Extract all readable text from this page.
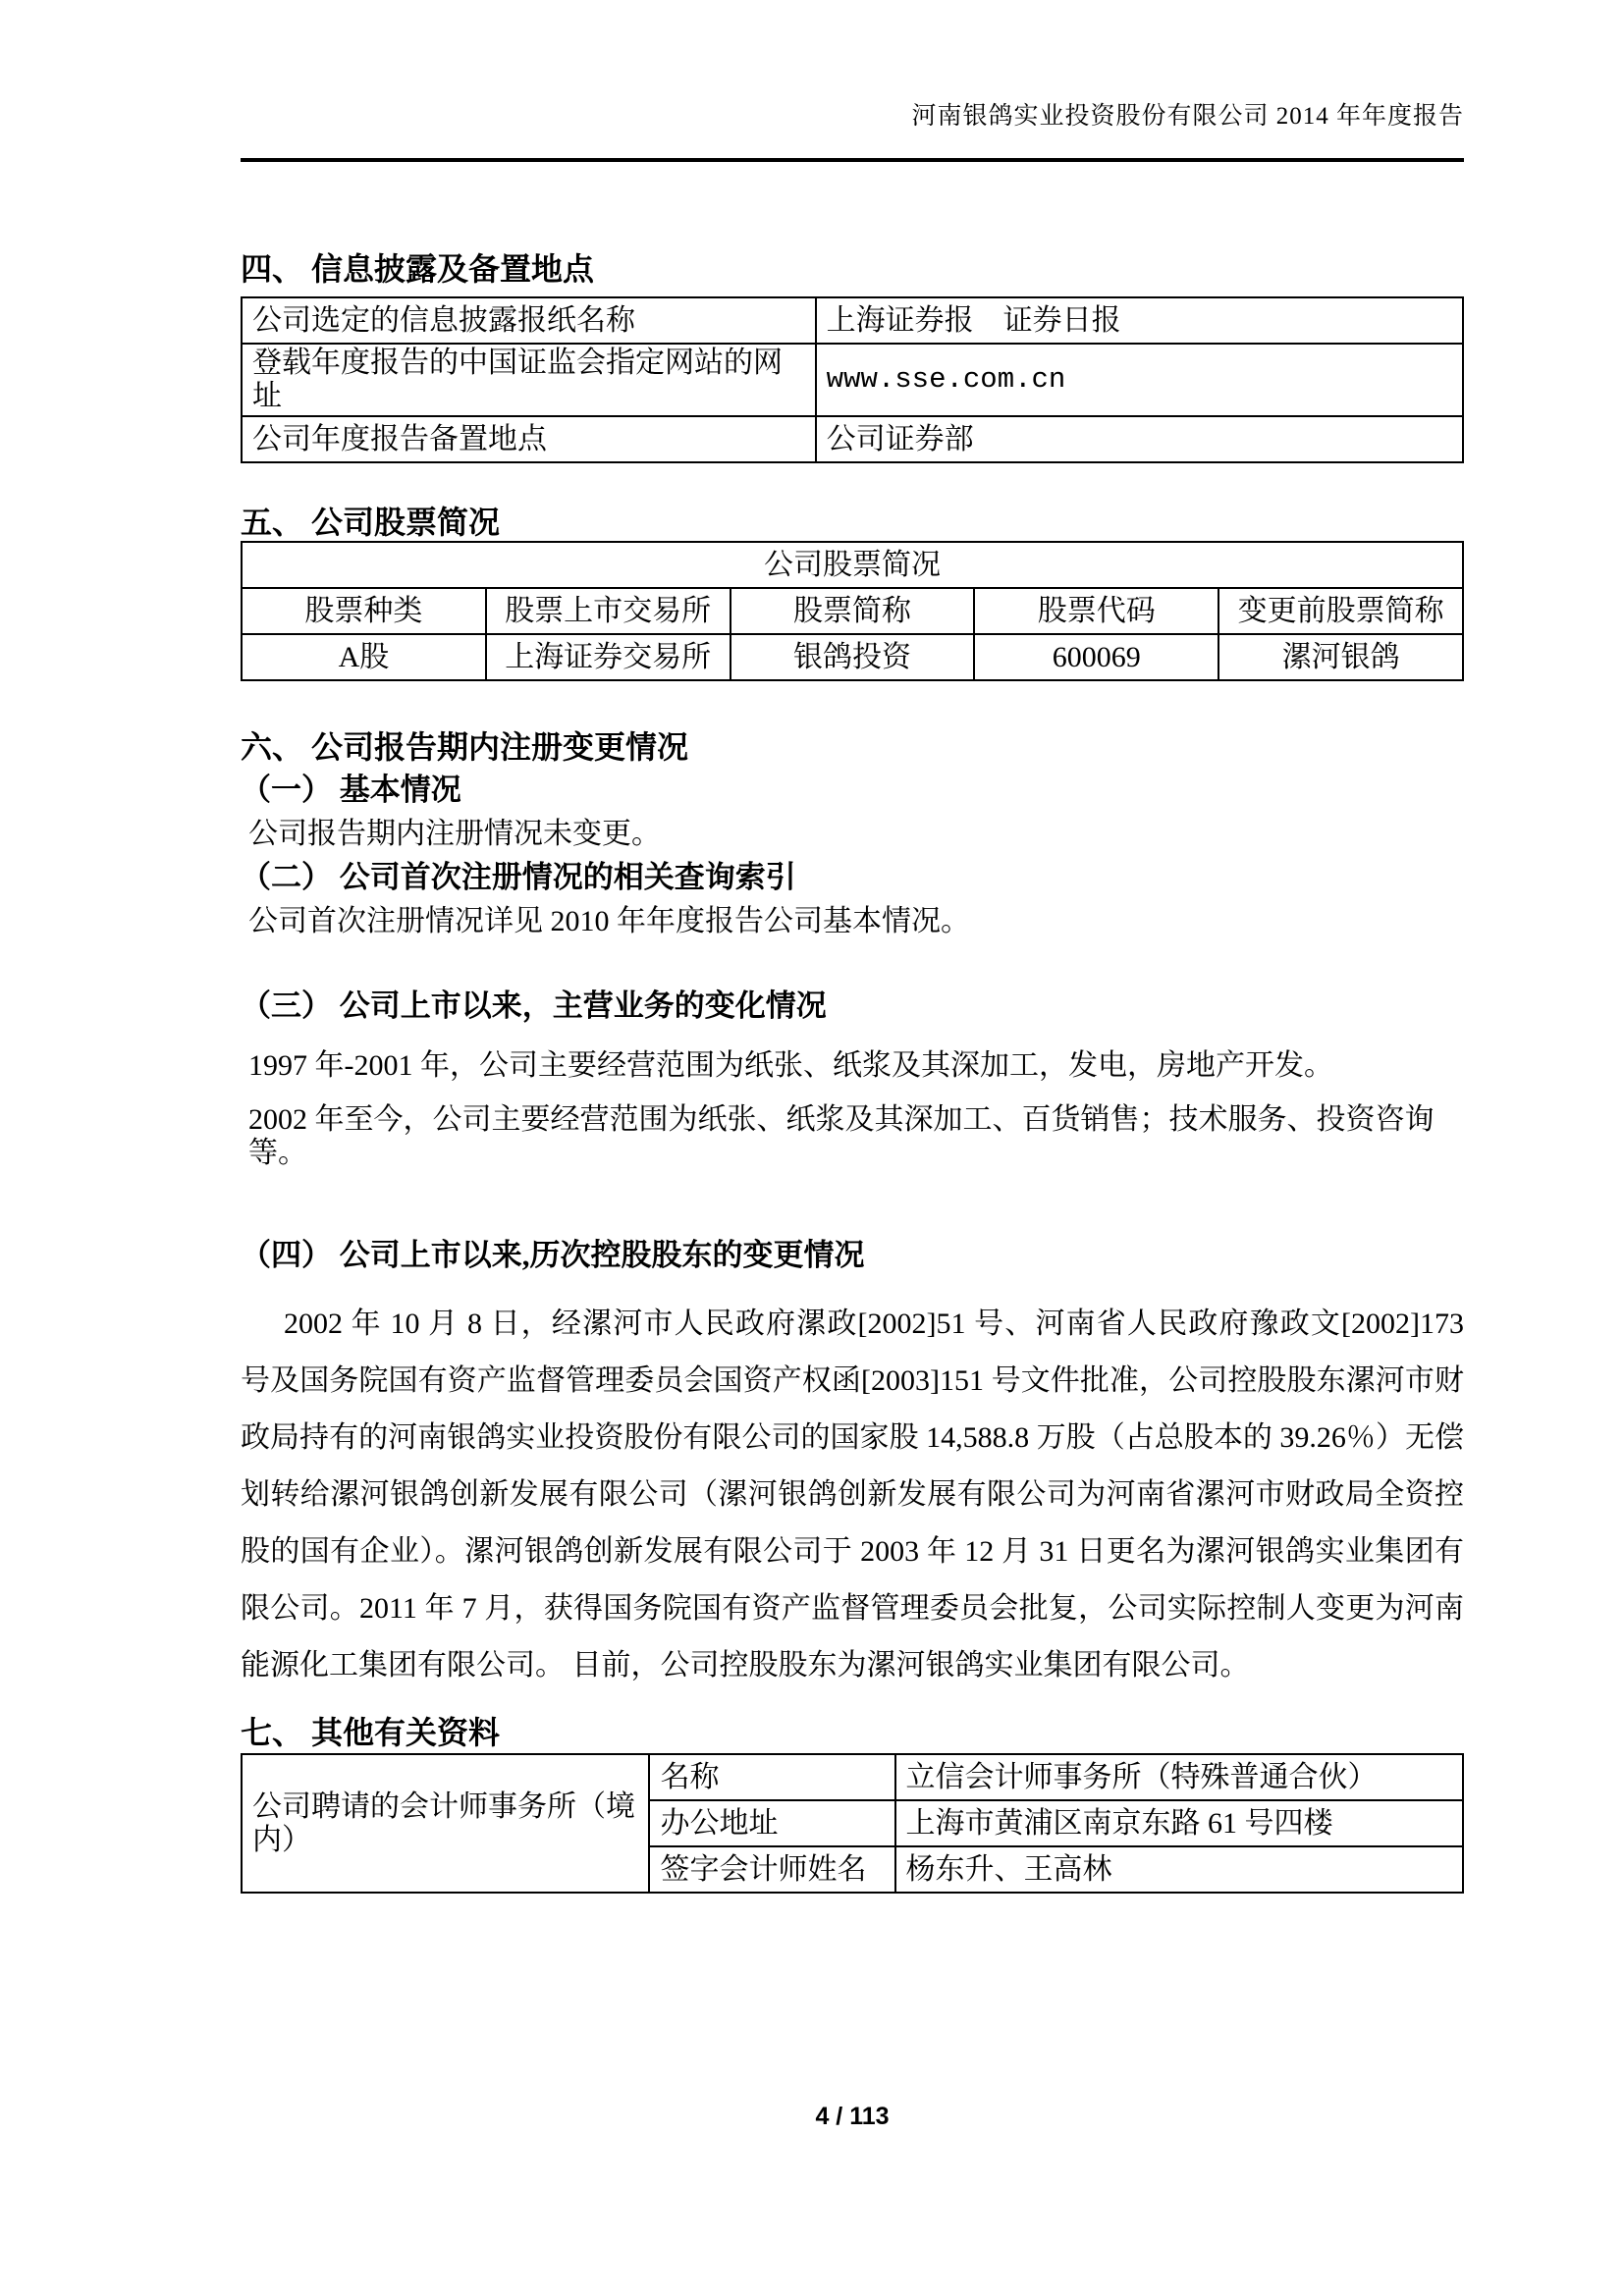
河南银鸽实业投资股份有限公司 2014 年年度报告
四、 信息披露及备置地点
公司选定的信息披露报纸名称	上海证券报　证券日报
登载年度报告的中国证监会指定网站的网址	www.sse.com.cn
公司年度报告备置地点	公司证券部
五、 公司股票简况
公司股票简况				
股票种类	股票上市交易所	股票简称	股票代码	变更前股票简称
A股	上海证券交易所	银鸽投资	600069	漯河银鸽
六、 公司报告期内注册变更情况
（一） 基本情况

公司报告期内注册情况未变更。

（二） 公司首次注册情况的相关查询索引

公司首次注册情况详见 2010 年年度报告公司基本情况。

（三） 公司上市以来，主营业务的变化情况

1997 年-2001 年，公司主要经营范围为纸张、纸浆及其深加工，发电，房地产开发。

2002 年至今，公司主要经营范围为纸张、纸浆及其深加工、百货销售；技术服务、投资咨询等。

（四） 公司上市以来,历次控股股东的变更情况

2002 年 10 月 8 日，经漯河市人民政府漯政[2002]51 号、河南省人民政府豫政文[2002]173 号及国务院国有资产监督管理委员会国资产权函[2003]151 号文件批准，公司控股股东漯河市财政局持有的河南银鸽实业投资股份有限公司的国家股 14,588.8 万股（占总股本的 39.26％）无偿划转给漯河银鸽创新发展有限公司（漯河银鸽创新发展有限公司为河南省漯河市财政局全资控股的国有企业）。漯河银鸽创新发展有限公司于 2003 年 12 月 31 日更名为漯河银鸽实业集团有限公司。2011 年 7 月，获得国务院国有资产监督管理委员会批复，公司实际控制人变更为河南能源化工集团有限公司。 目前，公司控股股东为漯河银鸽实业集团有限公司。

七、 其他有关资料
公司聘请的会计师事务所（境内）	名称	立信会计师事务所（特殊普通合伙）
	办公地址	上海市黄浦区南京东路 61 号四楼
	签字会计师姓名	杨东升、王高林
4 / 113
